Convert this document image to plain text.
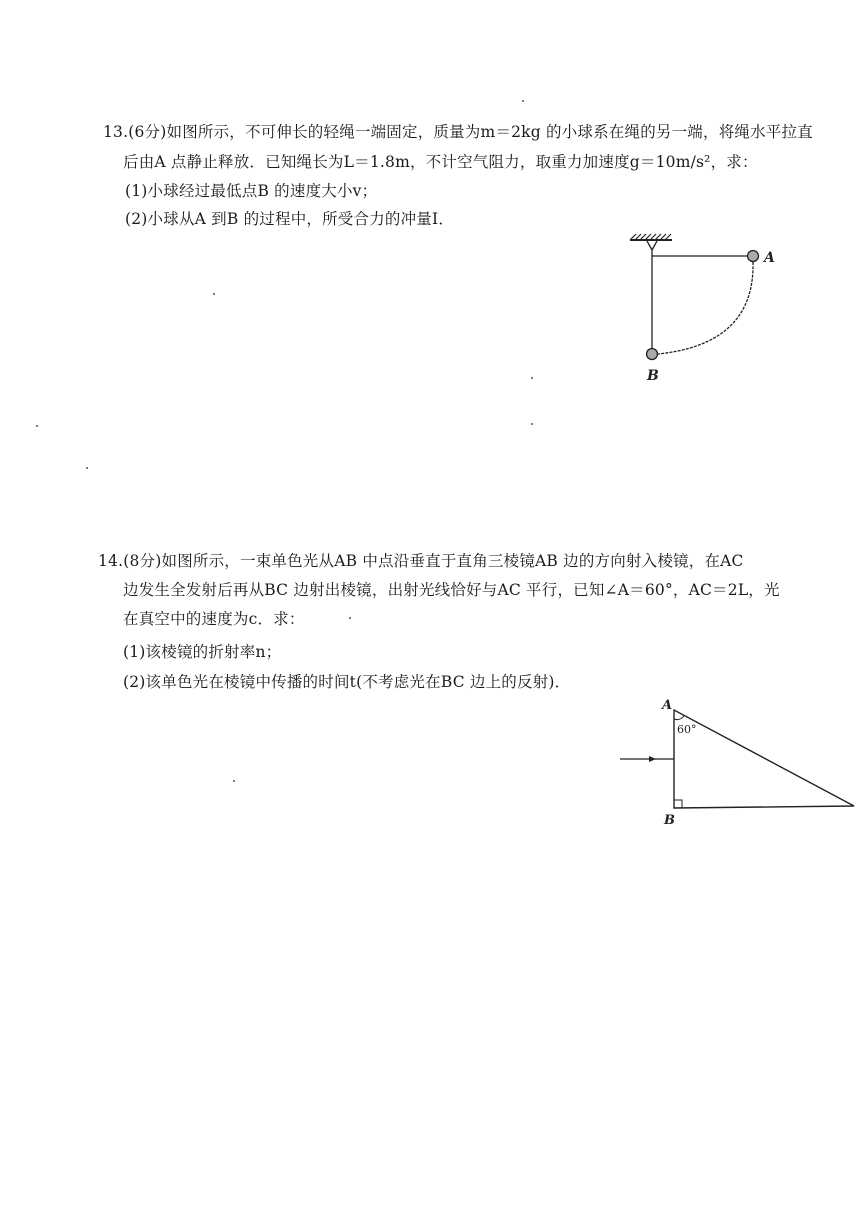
13.(6分)如图所示，不可伸长的轻绳一端固定，质量为m＝2kg 的小球系在绳的另一端，将绳水平拉直
后由A 点静止释放．已知绳长为L＝1.8m，不计空气阻力，取重力加速度g＝10m/s²，求：
(1)小球经过最低点B 的速度大小v；
(2)小球从A 到B 的过程中，所受合力的冲量I．
A
B
14.(8分)如图所示，一束单色光从AB 中点沿垂直于直角三棱镜AB 边的方向射入棱镜，在AC
边发生全发射后再从BC 边射出棱镜，出射光线恰好与AC 平行，已知∠A＝60°，AC＝2L，光
在真空中的速度为c．求：
(1)该棱镜的折射率n；
(2)该单色光在棱镜中传播的时间t(不考虑光在BC 边上的反射)．
A
B
60°
